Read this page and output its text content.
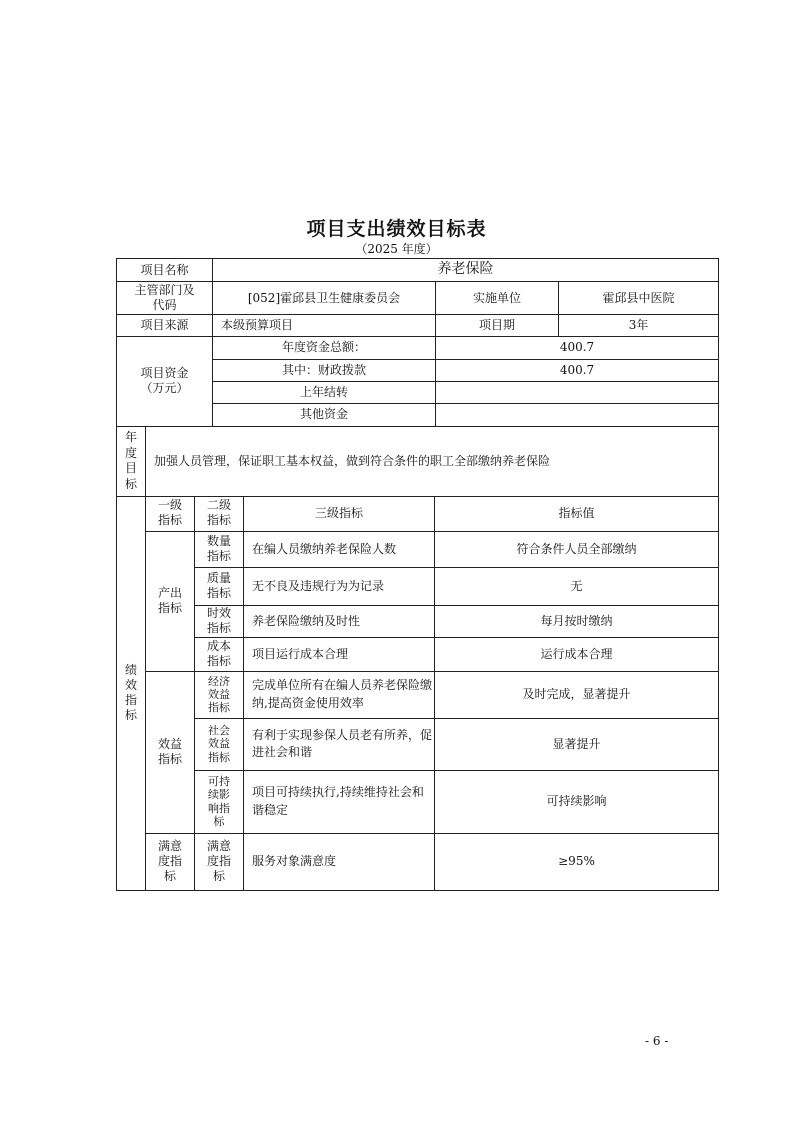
项目支出绩效目标表
（2025 年度）
项目名称	养老保险		
主管部门及代码	[052]霍邱县卫生健康委员会	实施单位	霍邱县中医院
项目来源	本级预算项目	项目期	3年
项目资金（万元）	年度资金总额：	400.7
	其中：财政拨款	400.7
	上年结转	
	其他资金	
年度目标	加强人员管理，保证职工基本权益，做到符合条件的职工全部缴纳养老保险
绩效指标	一级指标	二级指标	三级指标	指标值
	产出指标	数量指标	在编人员缴纳养老保险人数	符合条件人员全部缴纳
		质量指标	无不良及违规行为为记录	无
		时效指标	养老保险缴纳及时性	每月按时缴纳
		成本指标	项目运行成本合理	运行成本合理
	效益指标	经济效益指标	完成单位所有在编人员养老保险缴纳,提高资金使用效率	及时完成，显著提升
		社会效益指标	有利于实现参保人员老有所养，促进社会和谐	显著提升
		可持续影响指标	项目可持续执行,持续维持社会和谐稳定	可持续影响
	满意度指标	满意度指标	服务对象满意度	≥95%
- 6 -
